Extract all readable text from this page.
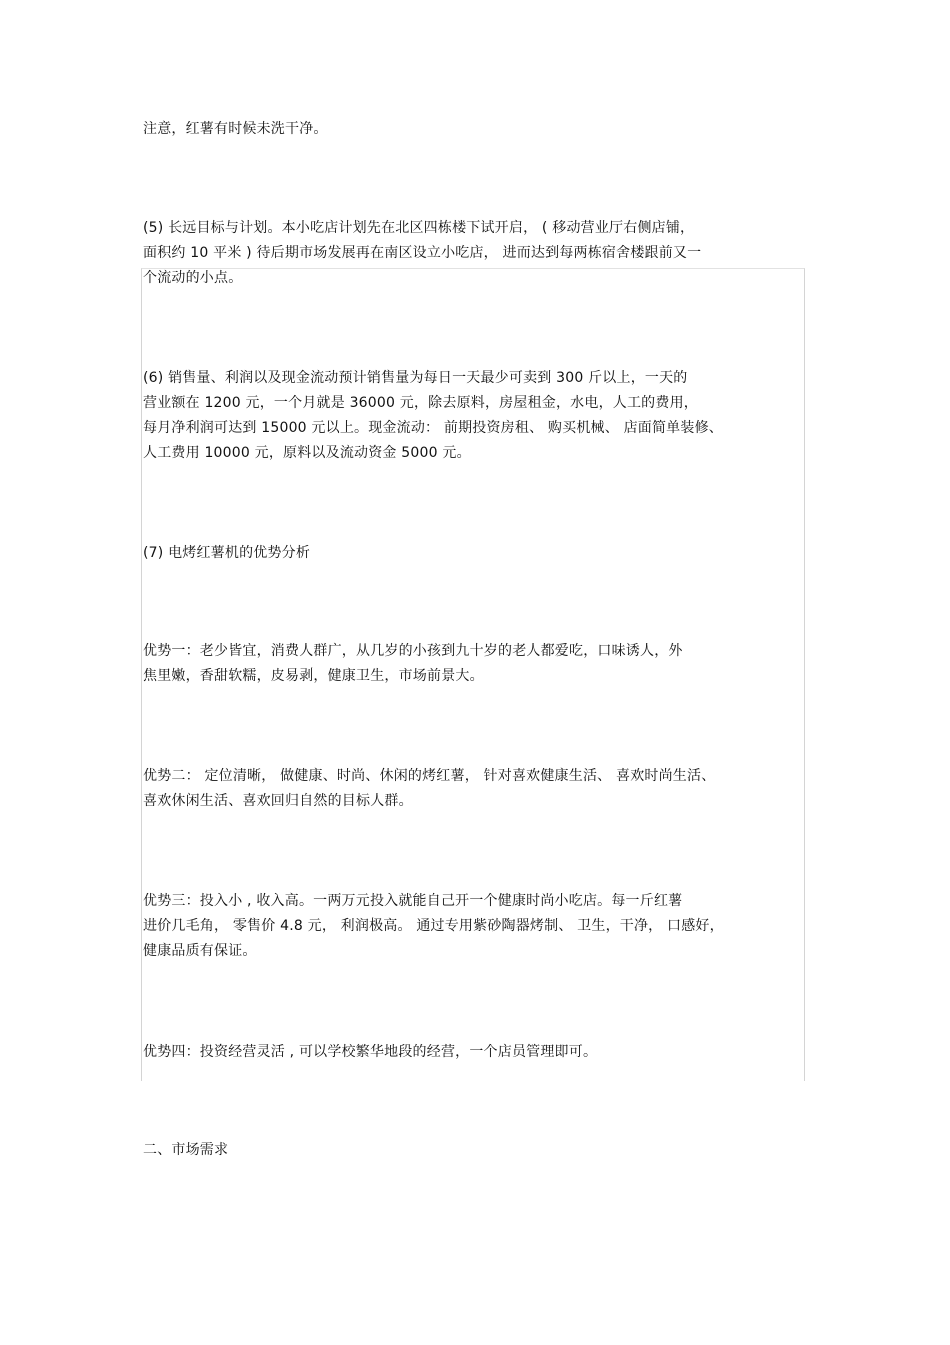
注意，红薯有时候未洗干净。
(5) 长远目标与计划。本小吃店计划先在北区四栋楼下试开启， ( 移动营业厅右侧店铺，
面积约 10 平米 ) 待后期市场发展再在南区设立小吃店， 进而达到每两栋宿舍楼跟前又一
个流动的小点。
(6) 销售量、利润以及现金流动预计销售量为每日一天最少可卖到 300 斤以上，一天的
营业额在 1200 元，一个月就是 36000 元，除去原料，房屋租金，水电，人工的费用，
每月净利润可达到 15000 元以上。现金流动： 前期投资房租、 购买机械、 店面简单装修、
人工费用 10000 元，原料以及流动资金 5000 元。
(7) 电烤红薯机的优势分析
优势一：老少皆宜，消费人群广，从几岁的小孩到九十岁的老人都爱吃，口味诱人，外
焦里嫩，香甜软糯，皮易剥，健康卫生，市场前景大。
优势二： 定位清晰， 做健康、时尚、休闲的烤红薯， 针对喜欢健康生活、 喜欢时尚生活、
喜欢休闲生活、喜欢回归自然的目标人群。
优势三：投入小 , 收入高。一两万元投入就能自己开一个健康时尚小吃店。每一斤红薯
进价几毛角， 零售价 4.8 元， 利润极高。 通过专用紫砂陶器烤制、 卫生，干净， 口感好，
健康品质有保证。
优势四：投资经营灵活 , 可以学校繁华地段的经营，一个店员管理即可。
二、市场需求
